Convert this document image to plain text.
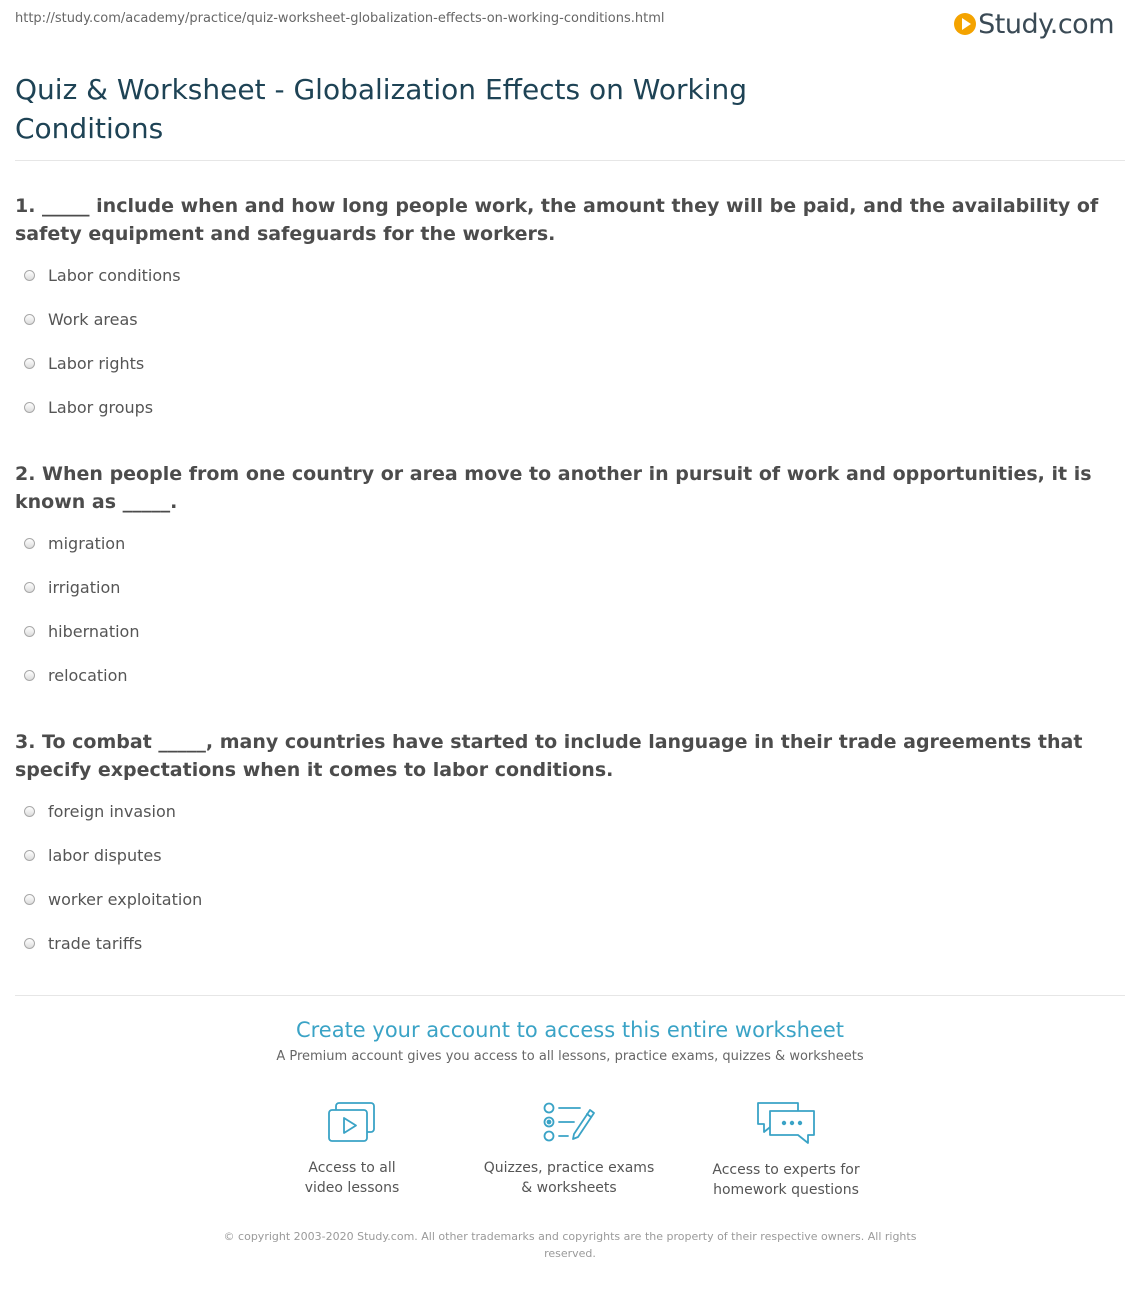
http://study.com/academy/practice/quiz-worksheet-globalization-effects-on-working-conditions.html	Study.com
Quiz & Worksheet - Globalization Effects on Working Conditions

1. _____ include when and how long people work, the amount they will be paid, and the availability of safety equipment and safeguards for the workers.

Labor conditions
Work areas
Labor rights
Labor groups

2. When people from one country or area move to another in pursuit of work and opportunities, it is known as _____.

migration
irrigation
hibernation
relocation

3. To combat _____, many countries have started to include language in their trade agreements that specify expectations when it comes to labor conditions.

foreign invasion
labor disputes
worker exploitation
trade tariffs
Create your account to access this entire worksheet
A Premium account gives you access to all lessons, practice exams, quizzes & worksheets
Access to all
video lessons
Quizzes, practice exams
& worksheets
Access to experts for
homework questions
© copyright 2003-2020 Study.com. All other trademarks and copyrights are the property of their respective owners. All rights reserved.
